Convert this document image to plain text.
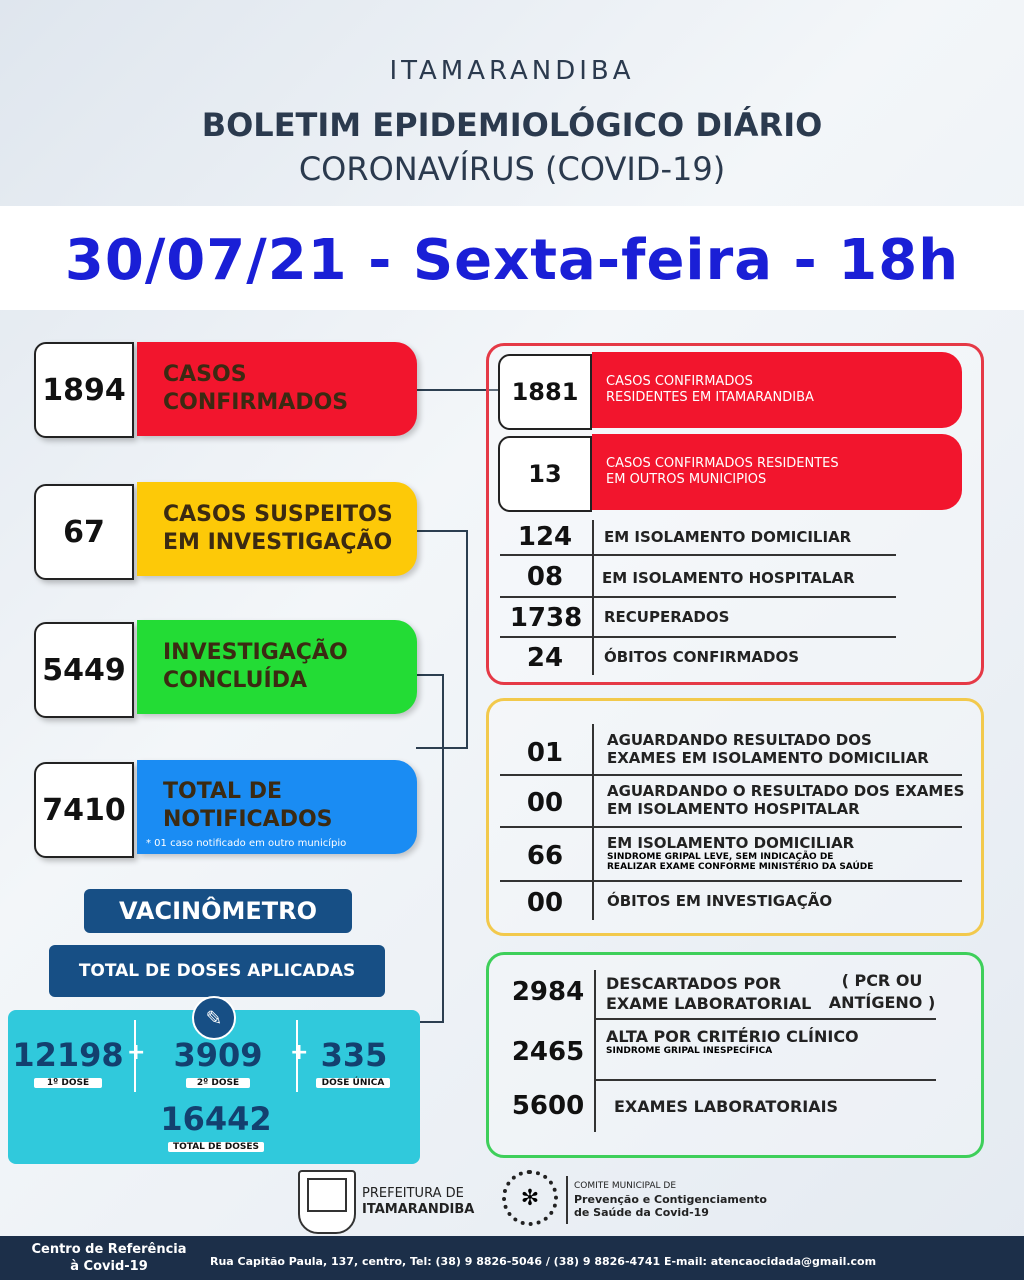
ITAMARANDIBA
BOLETIM EPIDEMIOLÓGICO DIÁRIO
CORONAVÍRUS (COVID-19)
30/07/21 - Sexta-feira - 18h
1894	CASOS
CONFIRMADOS
67	CASOS SUSPEITOS
EM INVESTIGAÇÃO
5449	INVESTIGAÇÃO
CONCLUÍDA
7410
TOTAL DE
NOTIFICADOS
* 01 caso notificado em outro município
1881	CASOS CONFIRMADOS
RESIDENTES EM ITAMARANDIBA
13	CASOS CONFIRMADOS RESIDENTES
EM OUTROS MUNICIPIOS
124	EM ISOLAMENTO DOMICILIAR
08	EM ISOLAMENTO HOSPITALAR
1738	RECUPERADOS
24	ÓBITOS CONFIRMADOS
01	AGUARDANDO RESULTADO DOS
EXAMES EM ISOLAMENTO DOMICILIAR
00	AGUARDANDO O RESULTADO DOS EXAMES
EM ISOLAMENTO HOSPITALAR
66	EM ISOLAMENTO DOMICILIAR
SINDROME GRIPAL LEVE, SEM INDICAÇÃO DE
REALIZAR EXAME CONFORME MINISTÉRIO DA SAÚDE
00	ÓBITOS EM INVESTIGAÇÃO
2984	DESCARTADOS POR
EXAME LABORATORIAL
( PCR OU
ANTÍGENO )
2465
ALTA POR CRITÉRIO CLÍNICO
SINDROME GRIPAL INESPECÍFICA
5600	EXAMES LABORATORIAIS
VACINÔMETRO
TOTAL DE DOSES APLICADAS
✎
12198
1º DOSE
+ 3909
2º DOSE
+ 335
DOSE ÚNICA
16442
TOTAL DE DOSES
PREFEITURA DE
ITAMARANDIBA	✻	COMITE MUNICIPAL DE
Prevenção e Contigenciamento
de Saúde da Covid-19
Centro de Referência
à Covid-19	Rua Capitão Paula, 137, centro, Tel: (38) 9 8826-5046 / (38) 9 8826-4741 E-mail: atencaocidada@gmail.com
